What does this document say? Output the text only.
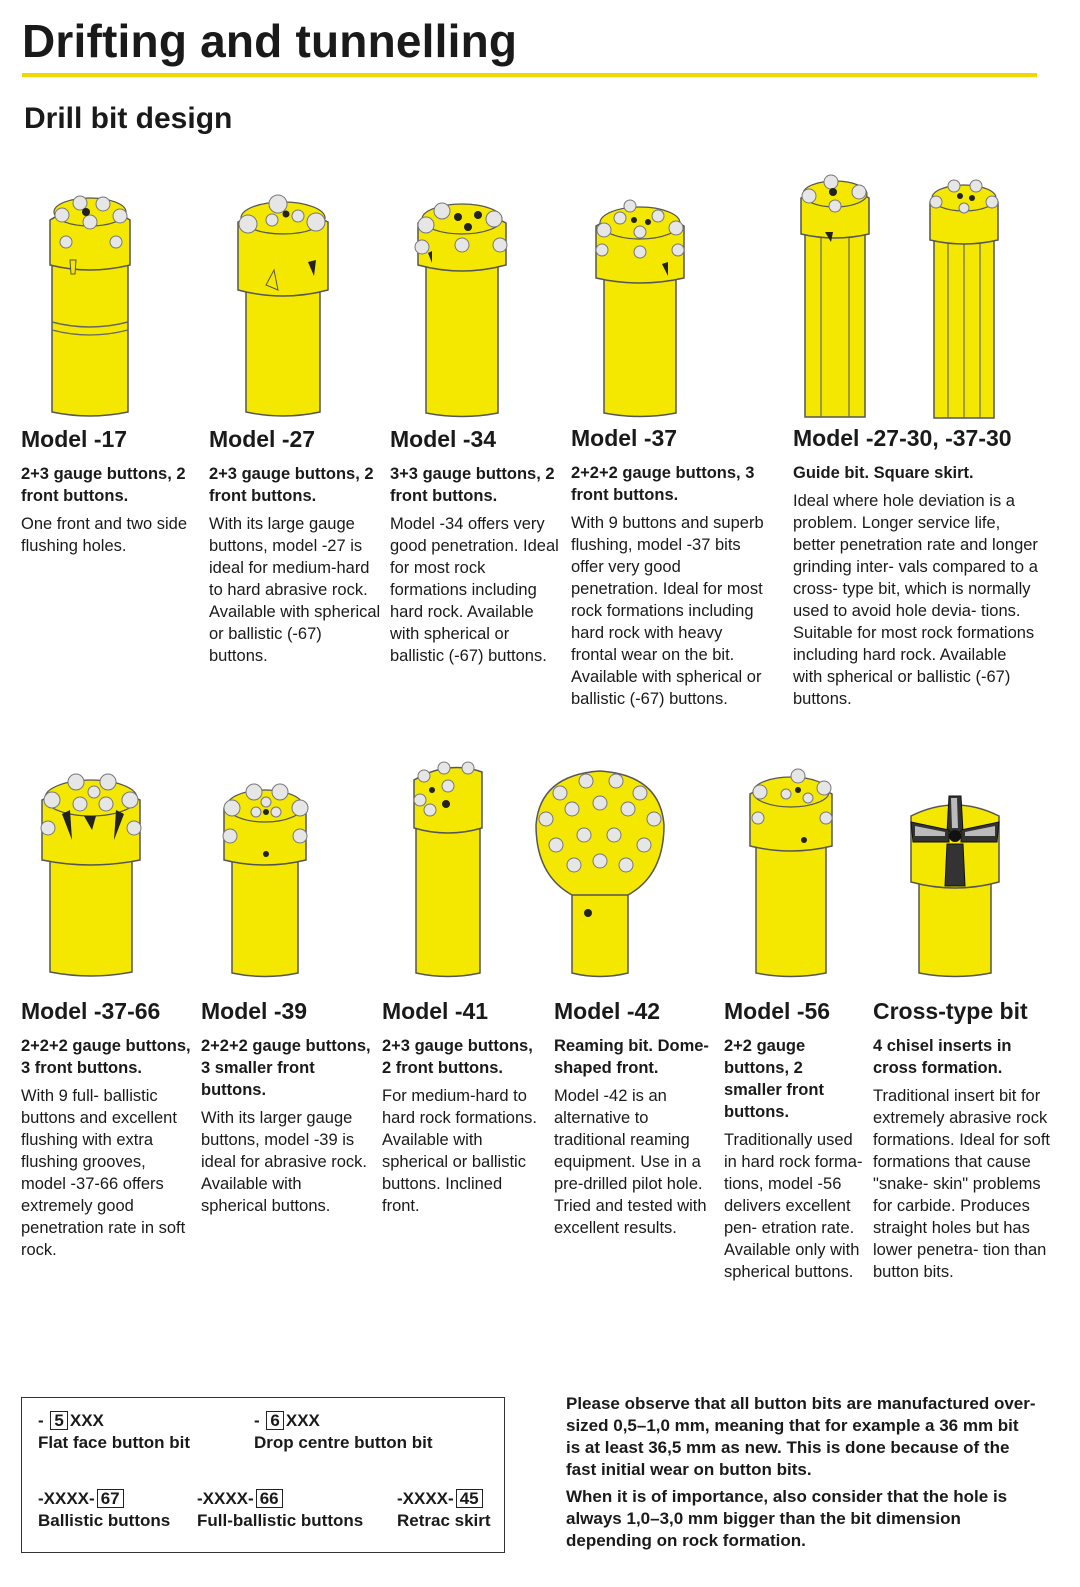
Drifting and tunnelling
Drill bit design

Model -17

2+3 gauge buttons, 2 front buttons.

One front and two side flushing holes.

Model -27

2+3 gauge buttons, 2 front buttons.

With its large gauge buttons, model -27 is ideal for medium-hard to hard abrasive rock. Available with spherical or ballistic (-67) buttons.

Model -34

3+3 gauge buttons, 2 front buttons.

Model -34 offers very good penetration. Ideal for most rock formations including hard rock. Available with spherical or ballistic (-67) buttons.

Model -37

2+2+2 gauge buttons, 3 front buttons.

With 9 buttons and superb flushing, model -37 bits offer very good penetration. Ideal for most rock formations including hard rock with heavy frontal wear on the bit. Available with spherical or ballistic (-67) buttons.

Model -27-30, -37-30

Guide bit. Square skirt.

Ideal where hole deviation is a problem. Longer service life, better penetration rate and longer grinding inter- vals compared to a cross- type bit, which is normally used to avoid hole devia- tions. Suitable for most rock formations including hard rock. Available with spherical or ballistic (-67) buttons.

Model -37-66

2+2+2 gauge buttons, 3 front buttons.

With 9 full- ballistic buttons and excellent flushing with extra flushing grooves, model -37-66 offers extremely good penetration rate in soft rock.

Model -39

2+2+2 gauge buttons, 3 smaller front buttons.

With its larger gauge buttons, model -39 is ideal for abrasive rock. Available with spherical buttons.

Model -41

2+3 gauge buttons, 2 front buttons.

For medium-hard to hard rock formations. Available with spherical or ballistic buttons. Inclined front.

Model -42

Reaming bit. Dome-shaped front.

Model -42 is an alternative to traditional reaming equipment. Use in a pre-drilled pilot hole. Tried and tested with excellent results.

Model -56

2+2 gauge buttons, 2 smaller front buttons.

Traditionally used in hard rock forma- tions, model -56 delivers excellent pen- etration rate. Available only with spherical buttons.

Cross-type bit

4 chisel inserts in cross formation.

Traditional insert bit for extremely abrasive rock formations. Ideal for soft formations that cause "snake- skin" problems for carbide. Produces straight holes but has lower penetra- tion than button bits.

- 5 XXX
Flat face button bit
- 6 XXX
Drop centre button bit
-XXXX- 67
Ballistic buttons
-XXXX- 66
Full-ballistic buttons
-XXXX- 45
Retrac skirt

Please observe that all button bits are manufactured over-sized 0,5–1,0 mm, meaning that for example a 36 mm bit is at least 36,5 mm as new. This is done because of the fast initial wear on button bits.

When it is of importance, also consider that the hole is always 1,0–3,0 mm bigger than the bit dimension depending on rock formation.
